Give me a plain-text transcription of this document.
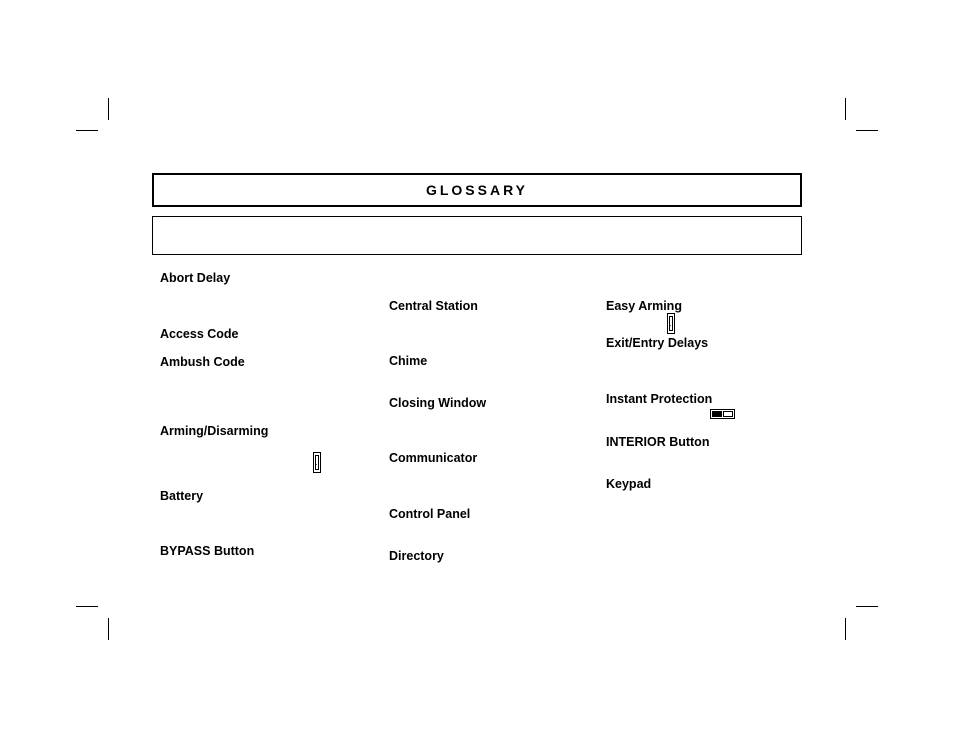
GLOSSARY
Abort Delay
Access Code
Ambush Code
Arming/Disarming
·
Battery
BYPASS Button
Central Station
Chime
Closing Window
Communicator
Control Panel
Directory
Easy Arming
·
Exit/Entry Delays
Instant Protection
INTERIOR Button
Keypad
